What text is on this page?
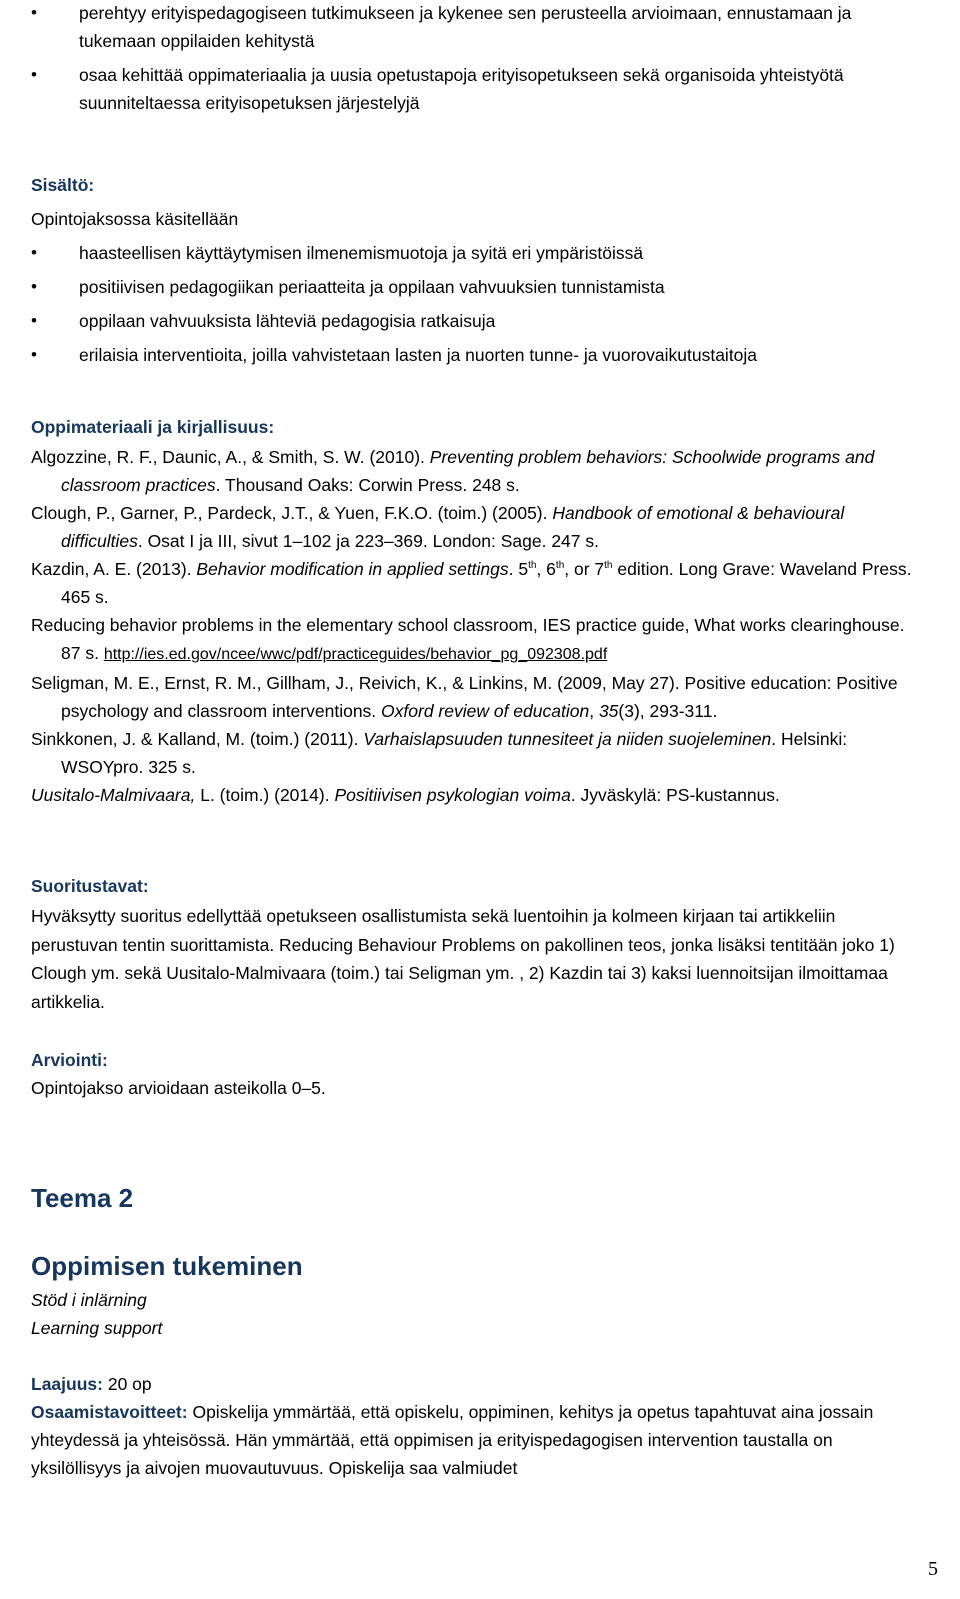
• perehtyy erityispedagogiseen tutkimukseen ja kykenee sen perusteella arvioimaan, ennustamaan ja tukemaan oppilaiden kehitystä
• osaa kehittää oppimateriaalia ja uusia opetustapoja erityisopetukseen sekä organisoida yhteistyötä suunniteltaessa erityisopetuksen järjestelyjä
Sisältö:
Opintojaksossa käsitellään
• haasteellisen käyttäytymisen ilmenemismuotoja ja syitä eri ympäristöissä
• positiivisen pedagogiikan periaatteita ja oppilaan vahvuuksien tunnistamista
• oppilaan vahvuuksista lähteviä pedagogisia ratkaisuja
• erilaisia interventioita, joilla vahvistetaan lasten ja nuorten tunne- ja vuorovaikutustaitoja
Oppimateriaali ja kirjallisuus:

Algozzine, R. F., Daunic, A., & Smith, S. W. (2010). Preventing problem behaviors: Schoolwide programs and classroom practices. Thousand Oaks: Corwin Press. 248 s.

Clough, P., Garner, P., Pardeck, J.T., & Yuen, F.K.O. (toim.) (2005). Handbook of emotional & behavioural difficulties. Osat I ja III, sivut 1–102 ja 223–369. London: Sage. 247 s.

Kazdin, A. E. (2013). Behavior modification in applied settings. 5th, 6th, or 7th edition. Long Grave: Waveland Press. 465 s.

Reducing behavior problems in the elementary school classroom, IES practice guide, What works clearinghouse. 87 s. http://ies.ed.gov/ncee/wwc/pdf/practiceguides/behavior_pg_092308.pdf

Seligman, M. E., Ernst, R. M., Gillham, J., Reivich, K., & Linkins, M. (2009, May 27). Positive education: Positive psychology and classroom interventions. Oxford review of education, 35(3), 293-311.

Sinkkonen, J. & Kalland, M. (toim.) (2011). Varhaislapsuuden tunnesiteet ja niiden suojeleminen. Helsinki: WSOYpro. 325 s.

Uusitalo-Malmivaara, L. (toim.) (2014). Positiivisen psykologian voima. Jyväskylä: PS-kustannus.

Suoritustavat:

Hyväksytty suoritus edellyttää opetukseen osallistumista sekä luentoihin ja kolmeen kirjaan tai artikkeliin perustuvan tentin suorittamista. Reducing Behaviour Problems on pakollinen teos, jonka lisäksi tentitään joko 1) Clough ym. sekä Uusitalo-Malmivaara (toim.) tai Seligman ym. , 2) Kazdin tai 3) kaksi luennoitsijan ilmoittamaa artikkelia.

Arviointi:

Opintojakso arvioidaan asteikolla 0–5.

Teema 2
Oppimisen tukeminen
Stöd i inlärning
Learning support
Laajuus: 20 op

Osaamistavoitteet: Opiskelija ymmärtää, että opiskelu, oppiminen, kehitys ja opetus tapahtuvat aina jossain yhteydessä ja yhteisössä. Hän ymmärtää, että oppimisen ja erityispedagogisen intervention taustalla on yksilöllisyys ja aivojen muovautuvuus. Opiskelija saa valmiudet

5
